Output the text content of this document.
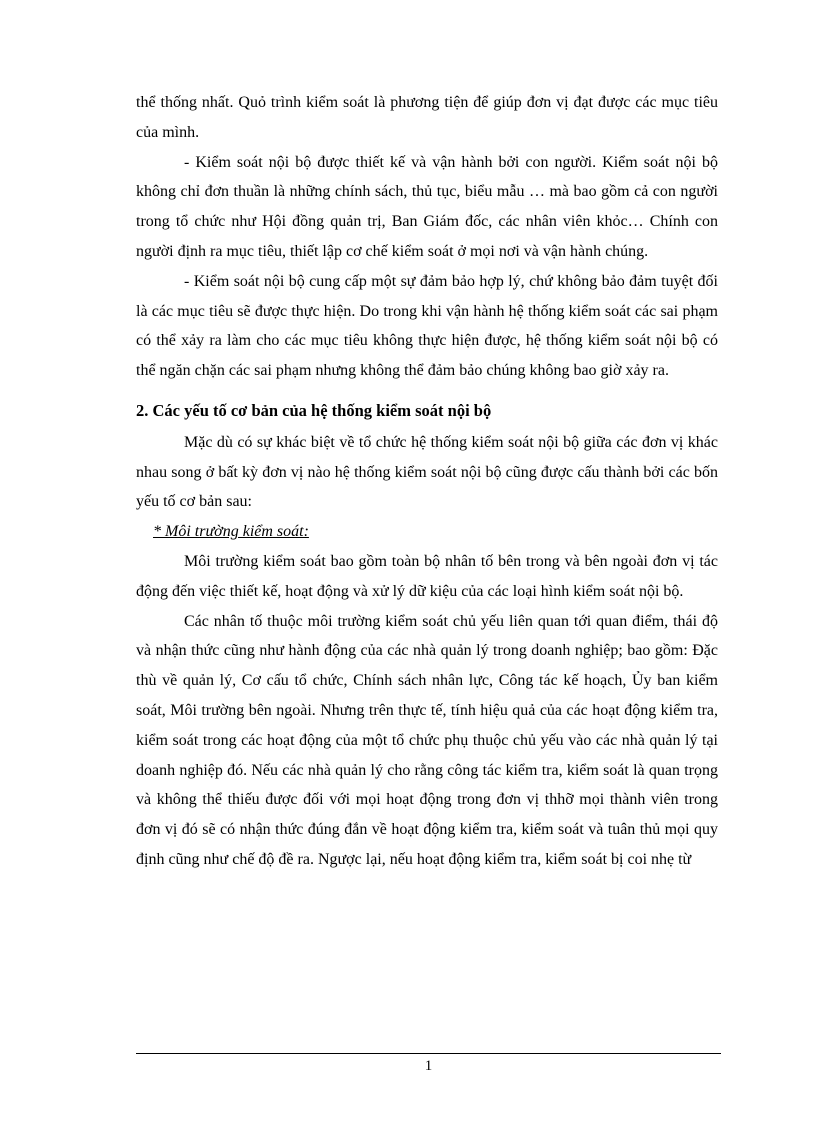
thể thống nhất. Quỏ trình kiểm soát là phương tiện để giúp đơn vị đạt được các mục tiêu của mình.

- Kiểm soát nội bộ được thiết kế và vận hành bởi con người. Kiểm soát nội bộ không chỉ đơn thuần là những chính sách, thủ tục, biểu mẫu … mà bao gồm cả con người trong tổ chức như Hội đồng quản trị, Ban Giám đốc, các nhân viên khỏc… Chính con người định ra mục tiêu, thiết lập cơ chế kiểm soát ở mọi nơi và vận hành chúng.

- Kiểm soát nội bộ cung cấp một sự đảm bảo hợp lý, chứ không bảo đảm tuyệt đối là các mục tiêu sẽ được thực hiện. Do trong khi vận hành hệ thống kiểm soát các sai phạm có thể xảy ra làm cho các mục tiêu không thực hiện được, hệ thống kiểm soát nội bộ có thể ngăn chặn các sai phạm nhưng không thể đảm bảo chúng không bao giờ xảy ra.

2. Các yếu tố cơ bản của hệ thống kiểm soát nội bộ

Mặc dù có sự khác biệt về tổ chức hệ thống kiểm soát nội bộ giữa các đơn vị khác nhau song ở bất kỳ đơn vị nào hệ thống kiểm soát nội bộ cũng được cấu thành bởi các bốn yếu tố cơ bản sau:

* Môi trường kiểm soát:

Môi trường kiểm soát bao gồm toàn bộ nhân tố bên trong và bên ngoài đơn vị tác động đến việc thiết kế, hoạt động và xử lý dữ kiệu của các loại hình kiểm soát nội bộ.

Các nhân tố thuộc môi trường kiểm soát chủ yếu liên quan tới quan điểm, thái độ và nhận thức cũng như hành động của các nhà quản lý trong doanh nghiệp; bao gồm: Đặc thù về quản lý, Cơ cấu tổ chức, Chính sách nhân lực, Công tác kế hoạch, Ủy ban kiểm soát, Môi trường bên ngoài. Nhưng trên thực tế, tính hiệu quả của các hoạt động kiểm tra, kiểm soát trong các hoạt động của một tổ chức phụ thuộc chủ yếu vào các nhà quản lý tại doanh nghiệp đó. Nếu các nhà quản lý cho rằng công tác kiểm tra, kiểm soát là quan trọng và không thể thiếu được đối với mọi hoạt động trong đơn vị thhỡ mọi thành viên trong đơn vị đó sẽ có nhận thức đúng đắn về hoạt động kiểm tra, kiểm soát và tuân thủ mọi quy định cũng như chế độ đề ra. Ngược lại, nếu hoạt động kiểm tra, kiểm soát bị coi nhẹ từ

1
